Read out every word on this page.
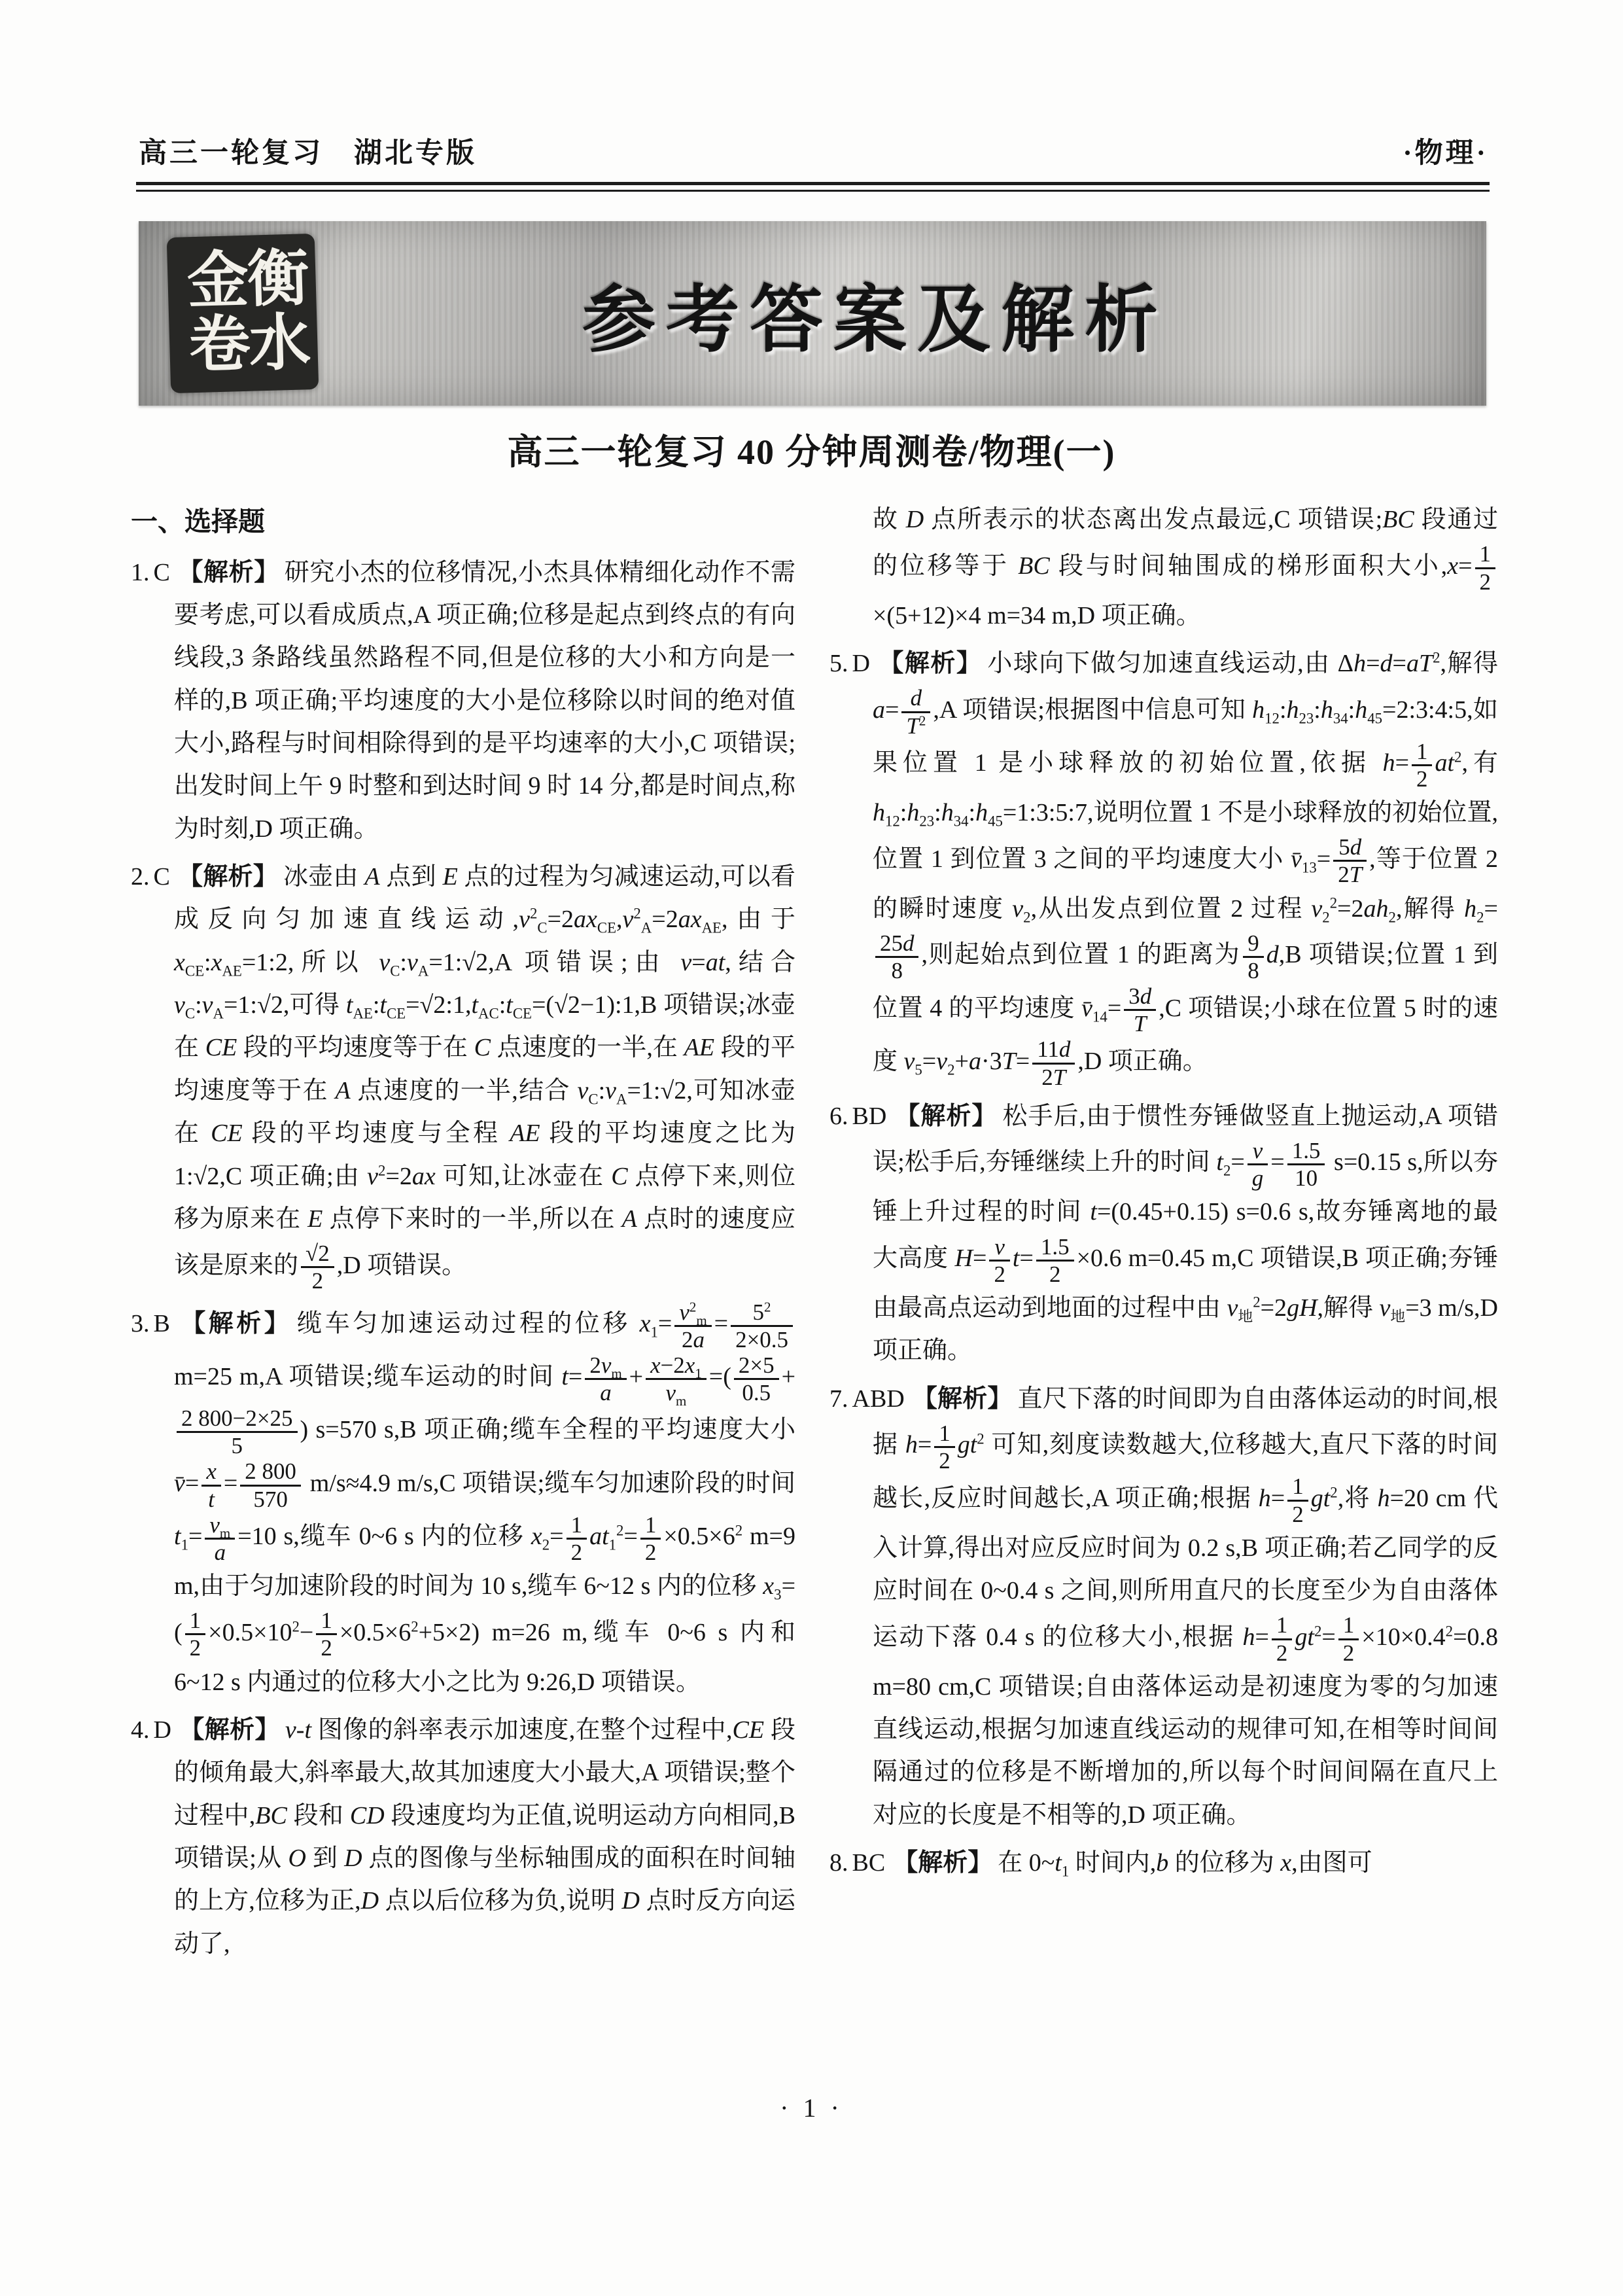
高三一轮复习　湖北专版	·物理·
衡水金卷	参考答案及解析
高三一轮复习 40 分钟周测卷/物理(一)
一、选择题

1. C 【解析】 研究小杰的位移情况,小杰具体精细化动作不需要考虑,可以看成质点,A 项正确;位移是起点到终点的有向线段,3 条路线虽然路程不同,但是位移的大小和方向是一样的,B 项正确;平均速度的大小是位移除以时间的绝对值大小,路程与时间相除得到的是平均速率的大小,C 项错误;出发时间上午 9 时整和到达时间 9 时 14 分,都是时间点,称为时刻,D 项正确。

2. C 【解析】 冰壶由 A 点到 E 点的过程为匀减速运动,可以看成反向匀加速直线运动$,v^2_C=2ax_{CE},v^2_A=2ax_{AE}$,由于 $x_{CE}:x_{AE}=1:2$,所以 $v_C:v_A=1:√2,A$ 项错误;由 v=at,结合 $v_C:v_A=1:√2$,可得 $t_{AE}:t_{CE}=√2:1,t_{AC}:t_{CE}=(√2-1):1,B$ 项错误;冰壶在 CE 段的平均速度等于在 C 点速度的一半,在 AE 段的平均速度等于在 A 点速度的一半,结合 $v_C:v_A=1:√2$,可知冰壶在 CE 段的平均速度与全程 AE 段的平均速度之比为 1:√2,C 项正确;由 $v^2=2ax$ 可知,让冰壶在 C 点停下来,则位移为原来在 E 点停下来时的一半,所以在 A 点时的速度应该是原来的 $\frac{√2}{2} ,D$ 项错误。

3. B 【解析】 缆车匀加速运动过程的位移 $x_1= \frac{v^2_m}{2a} = \frac{5^2}{2\times 0.5}$
m=25 m,A 项错误;缆车运动的时间 $t= \frac{2v_m}{a} + \frac{x-2x_1}{v_m}$ =( $\frac{2\times 5}{0.5}$ +
$\frac{2 800-2\times 25}{5}$ ) s=570 s,B 项正确;缆车全程的平均速度大小 v̄= $\frac{x}{t} = \frac{2 800}{570} m/s\approx 4.9$ m/s,C 项错误;缆车匀加速阶段的时间 $t_1= \frac{v_m}{a} =10$ s,缆车 0~6 s 内的位移 $x_2= \frac{1}{2} at_1^2= \frac{1}{2} \times 0.5\times 6^2$ m=9 m,由于匀加速阶段的时间为 10 s,缆车 6~12 s 内的位移 $x_3=( \frac{1}{2} \times 0.5\times 10^2- \frac{1}{2} \times 0.5\times 6^2+5\times 2)$ m=26 m,缆车 0~6 s 内和 6~12 s 内通过的位移大小之比为 9:26,D 项错误。

4. D 【解析】 v-t 图像的斜率表示加速度,在整个过程中,CE 段的倾角最大,斜率最大,故其加速度大小最大,A 项错误;整个过程中,BC 段和 CD 段速度均为正值,说明运动方向相同,B 项错误;从 O 到 D 点的图像与坐标轴围成的面积在时间轴的上方,位移为正,D 点以后位移为负,说明 D 点时反方向运动了,

故 D 点所表示的状态离出发点最远,C 项错误;BC 段通过的位移等于 BC 段与时间轴围成的梯形面积大小$,x= \frac{1}{2}$
×(5+12)×4 m=34 m,D 项正确。

5. D 【解析】 小球向下做匀加速直线运动,由 $\Delta h=d=aT^2$,解得 $a= \frac{d}{T^2} ,A$ 项错误;根据图中信息可知 $h_{12}:h_{23}:h_{34}:h_{45}=2:3:4:5$,如果位置 1 是小球释放的初始位置,依据 $h= \frac{1}{2} at^2$,有 $h_{12}:h_{23}:h_{34}:h_{45}=1:3:5:7$,说明位置 1 不是小球释放的初始位置,位置 1 到位置 3 之间的平均速度大小 $v̄_{13}= \frac{5d}{2T}$ ,等于位置 2 的瞬时速度 $v_2$,从出发点到位置 2 过程 $v_2^2=2ah_2$,解得 $h_2=$
$\frac{25d}{8}$ ,则起始点到位置 1 的距离为 $\frac{9}{8} d,B$ 项错误;位置 1 到位置 4 的平均速度 $v̄_{14}= \frac{3d}{T} ,C$ 项错误;小球在位置 5 时的速度 $v_5=v_2+a\cdot 3T= \frac{11d}{2T} ,D$ 项正确。

6. BD 【解析】 松手后,由于惯性夯锤做竖直上抛运动,A 项错误;松手后,夯锤继续上升的时间 $t_2= \frac{v}{g} = \frac{1.5}{10} s=0.15$ s,所以夯锤上升过程的时间 t=(0.45+0.15) s=0.6 s,故夯锤离地的最大高度 $H= \frac{v}{2} t= \frac{1.5}{2} \times 0.6$ m=0.45 m,C 项错误,B 项正确;夯锤由最高点运动到地面的过程中由 $v_地^2=2gH$,解得 $v_地=3$ m/s,D 项正确。

7. ABD 【解析】 直尺下落的时间即为自由落体运动的时间,根据 $h= \frac{1}{2} gt^2$ 可知,刻度读数越大,位移越大,直尺下落的时间越长,反应时间越长,A 项正确;根据 $h= \frac{1}{2} gt^2$,将 h=20 cm 代入计算,得出对应反应时间为 0.2 s,B 项正确;若乙同学的反应时间在 0~0.4 s 之间,则所用直尺的长度至少为自由落体运动下落 0.4 s 的位移大小,根据 $h= \frac{1}{2} gt^2= \frac{1}{2} \times 10\times 0.4^2=0.8$ m=80 cm,C 项错误;自由落体运动是初速度为零的匀加速直线运动,根据匀加速直线运动的规律可知,在相等时间间隔通过的位移是不断增加的,所以每个时间间隔在直尺上对应的长度是不相等的,D 项正确。

8. BC 【解析】 在 $0\sim t_1$ 时间内,b 的位移为 x,由图可

· 1 ·
